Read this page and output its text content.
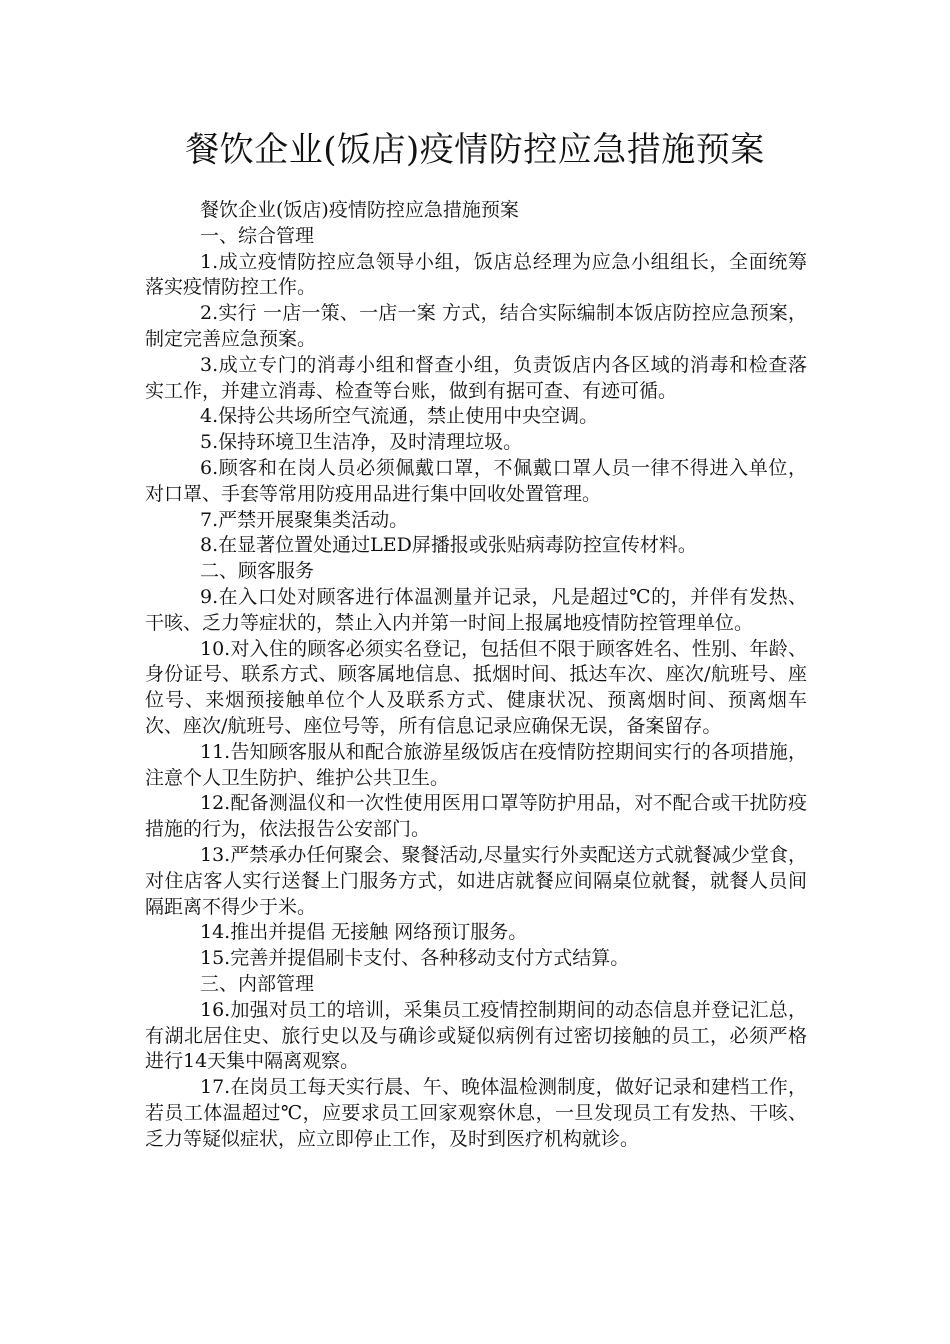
餐饮企业(饭店)疫情防控应急措施预案

餐饮企业(饭店)疫情防控应急措施预案

一、综合管理

1.成立疫情防控应急领导小组，饭店总经理为应急小组组长，全面统筹落实疫情防控工作。

2.实行 一店一策、一店一案 方式，结合实际编制本饭店防控应急预案，制定完善应急预案。

3.成立专门的消毒小组和督查小组，负责饭店内各区域的消毒和检查落实工作，并建立消毒、检查等台账，做到有据可查、有迹可循。

4.保持公共场所空气流通，禁止使用中央空调。

5.保持环境卫生洁净，及时清理垃圾。

6.顾客和在岗人员必须佩戴口罩，不佩戴口罩人员一律不得进入单位，对口罩、手套等常用防疫用品进行集中回收处置管理。

7.严禁开展聚集类活动。

8.在显著位置处通过LED屏播报或张贴病毒防控宣传材料。

二、顾客服务

9.在入口处对顾客进行体温测量并记录，凡是超过℃的，并伴有发热、干咳、乏力等症状的，禁止入内并第一时间上报属地疫情防控管理单位。

10.对入住的顾客必须实名登记，包括但不限于顾客姓名、性别、年龄、身份证号、联系方式、顾客属地信息、抵烟时间、抵达车次、座次/航班号、座位号、来烟预接触单位个人及联系方式、健康状况、预离烟时间、预离烟车次、座次/航班号、座位号等，所有信息记录应确保无误，备案留存。

11.告知顾客服从和配合旅游星级饭店在疫情防控期间实行的各项措施，注意个人卫生防护、维护公共卫生。

12.配备测温仪和一次性使用医用口罩等防护用品，对不配合或干扰防疫措施的行为，依法报告公安部门。

13.严禁承办任何聚会、聚餐活动,尽量实行外卖配送方式就餐减少堂食，对住店客人实行送餐上门服务方式，如进店就餐应间隔桌位就餐，就餐人员间隔距离不得少于米。

14.推出并提倡 无接触 网络预订服务。

15.完善并提倡刷卡支付、各种移动支付方式结算。

三、内部管理

16.加强对员工的培训，采集员工疫情控制期间的动态信息并登记汇总，有湖北居住史、旅行史以及与确诊或疑似病例有过密切接触的员工，必须严格进行14天集中隔离观察。

17.在岗员工每天实行晨、午、晚体温检测制度，做好记录和建档工作，若员工体温超过℃，应要求员工回家观察休息，一旦发现员工有发热、干咳、乏力等疑似症状，应立即停止工作，及时到医疗机构就诊。
